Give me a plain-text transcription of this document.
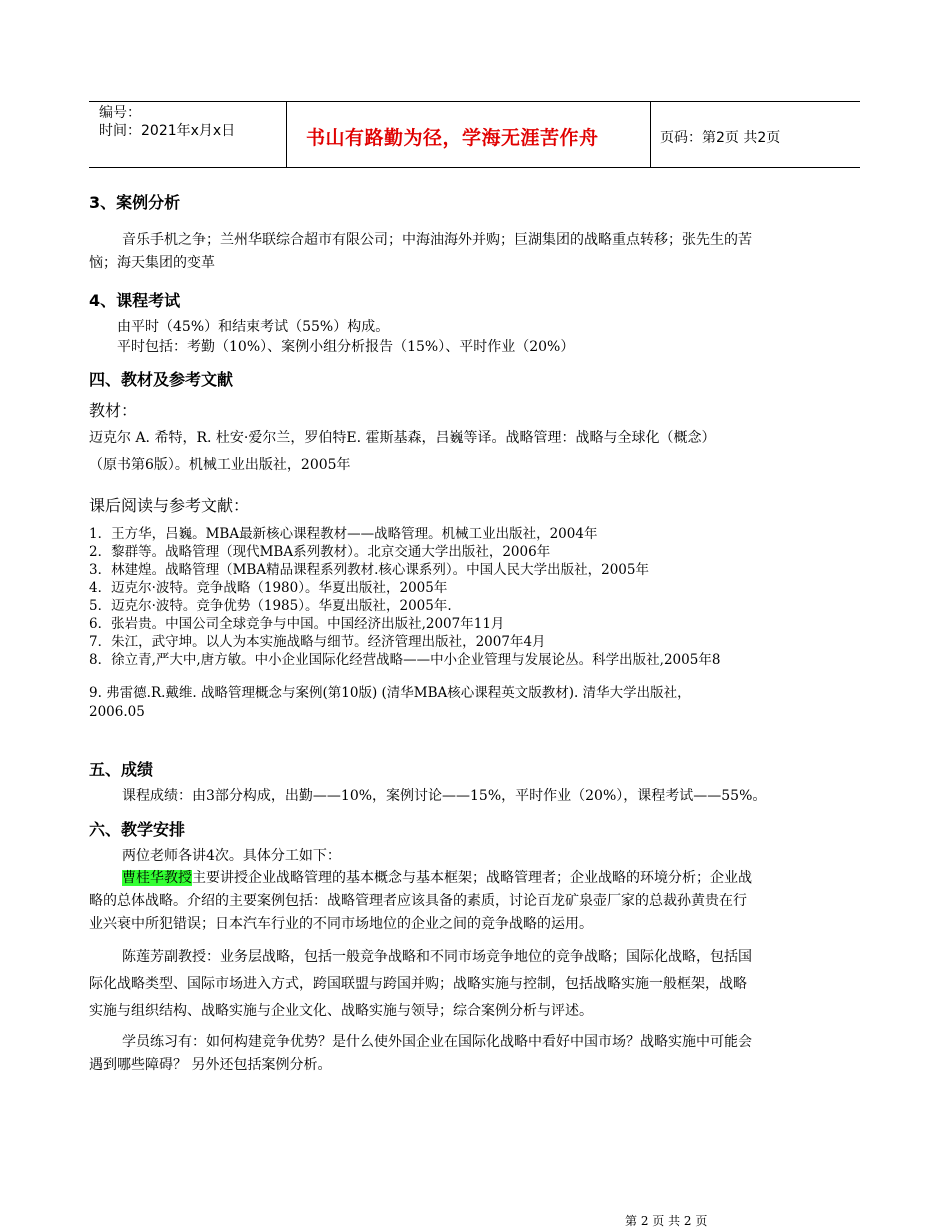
编号：
时间：2021年x月x日	书山有路勤为径，学海无涯苦作舟	页码：第2页 共2页
3、案例分析
音乐手机之争；兰州华联综合超市有限公司；中海油海外并购；巨湖集团的战略重点转移；张先生的苦
恼；海天集团的变革
4、课程考试
由平时（45%）和结束考试（55%）构成。
平时包括：考勤（10%）、案例小组分析报告（15%）、平时作业（20%）
四、教材及参考文献
教材：
迈克尔 A. 希特，R. 杜安·爱尔兰，罗伯特E. 霍斯基森，吕巍等译。战略管理：战略与全球化（概念）
（原书第6版）。机械工业出版社，2005年
课后阅读与参考文献：
1．王方华，吕巍。MBA最新核心课程教材——战略管理。机械工业出版社，2004年
2．黎群等。战略管理（现代MBA系列教材）。北京交通大学出版社，2006年
3．林建煌。战略管理（MBA精品课程系列教材.核心课系列）。中国人民大学出版社，2005年
4．迈克尔·波特。竞争战略（1980）。华夏出版社，2005年
5．迈克尔·波特。竞争优势（1985）。华夏出版社，2005年.
6．张岩贵。中国公司全球竞争与中国。中国经济出版社,2007年11月
7．朱江，武守坤。以人为本实施战略与细节。经济管理出版社，2007年4月
8．徐立青,严大中,唐方敏。中小企业国际化经营战略——中小企业管理与发展论丛。科学出版社,2005年8
9. 弗雷德.R.戴维. 战略管理概念与案例(第10版) (清华MBA核心课程英文版教材). 清华大学出版社，
2006.05
五、成绩
课程成绩：由3部分构成，出勤——10%，案例讨论——15%，平时作业（20%），课程考试——55%。
六、教学安排
两位老师各讲4次。具体分工如下：
曹桂华教授主要讲授企业战略管理的基本概念与基本框架；战略管理者；企业战略的环境分析；企业战
略的总体战略。介绍的主要案例包括：战略管理者应该具备的素质，讨论百龙矿泉壶厂家的总裁孙黄贵在行
业兴衰中所犯错误；日本汽车行业的不同市场地位的企业之间的竞争战略的运用。
陈莲芳副教授：业务层战略，包括一般竞争战略和不同市场竞争地位的竞争战略；国际化战略，包括国
际化战略类型、国际市场进入方式，跨国联盟与跨国并购；战略实施与控制，包括战略实施一般框架，战略
实施与组织结构、战略实施与企业文化、战略实施与领导；综合案例分析与评述。
学员练习有：如何构建竞争优势？是什么使外国企业在国际化战略中看好中国市场？战略实施中可能会
遇到哪些障碍？ 另外还包括案例分析。
第 2 页 共 2 页
